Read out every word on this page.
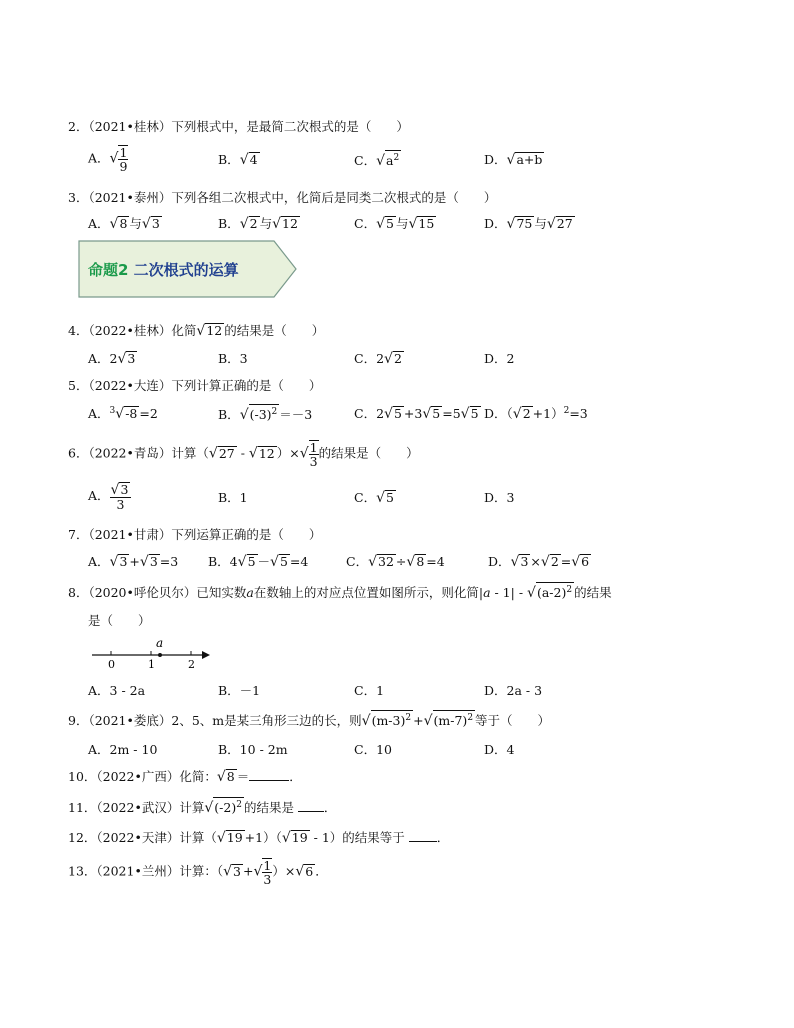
2．（2021•桂林）下列根式中，是最简二次根式的是（　　）
A．√ $\frac{1}{9}$	B．√4	C．$√a^2$	D．√a+b
3．（2021•泰州）下列各组二次根式中，化简后是同类二次根式的是（　　）
A．√8 与√3	B．√2 与√12	C．√5 与√15	D．√75 与√27
命题2 二次根式的运算
4．（2022•桂林）化简√12 的结果是（　　）
A．2√3	B．3	C．2√2	D．2
5．（2022•大连）下列计算正确的是（　　）
A．$^3$√-8 =2	B．$√(-3)^2 =-3$	C．2√5 +3√5 =5√5 D．$(√2 +1)^2=3$
6．（2022•青岛）计算（√27 - √12 ）×√ $\frac{1}{3}$ 的结果是（　　）
A． $\frac{√3}{3}$	B．1	C．√5	D．3
7．（2021•甘肃）下列运算正确的是（　　）
A．√3 +√3 =3 B．4√5 －√5 =4	C．√32 ÷√8 =4	D．√3 ×√2 =√6
8．（2020•呼伦贝尔）已知实数a在数轴上的对应点位置如图所示，则化简$|a - 1| - √(a-2)^2$ 的结果
是（　　）
0	1	2
a
A．3 - 2a	B．－1	C．1	D．2a - 3
9．（2021•娄底）2、5、m是某三角形三边的长，则$√(m-3)^2 +√(m-7)^2$ 等于（　　）
A．2m - 10	B．10 - 2m	C．10	D．4
10．（2022•广西）化简：√8 ＝	．
11．（2022•武汉）计算$√(-2)^2$ 的结果是 ．
12．（2022•天津）计算（√19 +1）（√19 - 1）的结果等于 ．
13．（2021•兰州）计算：（√3 +√ $\frac{1}{3} )\times√6$ ．
